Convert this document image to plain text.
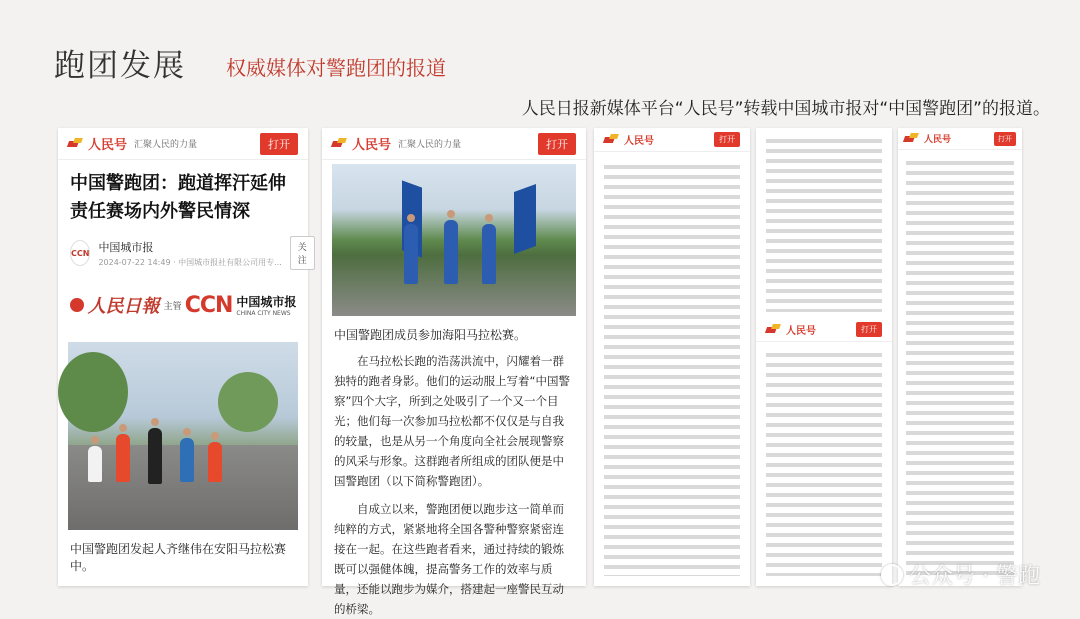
跑团发展 权威媒体对警跑团的报道
人民日报新媒体平台“人民号”转载中国城市报对“中国警跑团”的报道。
人民号 汇聚人民的力量	打开
中国警跑团：跑道挥汗延伸责任赛场内外警民情深
CCN 中国城市报
2024-07-22 14:49 · 中国城市报社有限公司用专...
关注
人民日報 主管 CCN 中国城市报
CHINA CITY NEWS
中国警跑团发起人齐继伟在安阳马拉松赛中。
人民号 汇聚人民的力量	打开
中国警跑团成员参加海阳马拉松赛。

在马拉松长跑的浩荡洪流中，闪耀着一群独特的跑者身影。他们的运动服上写着“中国警察”四个大字，所到之处吸引了一个又一个目光；他们每一次参加马拉松都不仅仅是与自我的较量，也是从另一个角度向全社会展现警察的风采与形象。这群跑者所组成的团队便是中国警跑团（以下简称警跑团）。

自成立以来，警跑团便以跑步这一简单而纯粹的方式，紧紧地将全国各警种警察紧密连接在一起。在这些跑者看来，通过持续的锻炼既可以强健体魄，提高警务工作的效率与质量，还能以跑步为媒介，搭建起一座警民互动的桥梁。

人民号	打开

人民号	打开
人民号	打开
公众号 · 警跑
